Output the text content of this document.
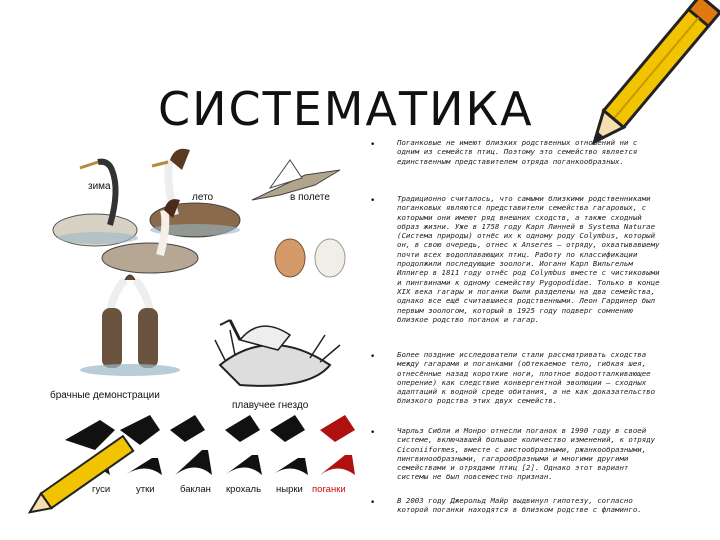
СИСТЕМАТИКА
зима
лето	в полете
брачные демонстрации
плавучее гнездо
гуси	утки	баклан крохаль нырки поганки
•	Поганковые не имеют близких родственных отношений ни с одним из семейств птиц. Поэтому это семейство является единственным представителем отряда поганкообразных.
•	Традиционно считалось, что самыми близкими родственниками поганковых являются представители семейства гагаровых, с которыми они имеют ряд внешних сходств, а также сходный образ жизни. Уже в 1758 году Карл Линней в Systema Naturae (Система природы) отнёс их к одному роду Colymbus, который он, в свою очередь, отнес к Anseres — отряду, охватывавшему почти всех водоплавающих птиц. Работу по классификации продолжили последующие зоологи. Иоганн Карл Вильгельм Иллигер в 1811 году отнёс род Colymbus вместе с чистиковыми и пингвинами к одному семейству Pygopodidae. Только в конце XIX века гагары и поганки были разделены на два семейства, однако все ещё считавшиеся родственными. Леон Гардинер был первым зоологом, который в 1925 году подверг сомнению близкое родство поганок и гагар.
•	Более поздние исследователи стали рассматривать сходства между гагарами и поганками (обтекаемое тело, гибкая шея, отнесённые назад короткие ноги, плотное водоотталкивающее оперение) как следствие конвергентной эволюции — сходных адаптаций к водной среде обитания, а не как доказательство близкого родства этих двух семейств.
•	Чарльз Сибли и Монро отнесли поганок в 1990 году в своей системе, включавшей большое количество изменений, к отряду Ciconiiformes, вместе с аистообразными, ржанкообразными, пингвинообразными, гагарообразными и многими другими семействами и отрядами птиц [2]. Однако этот вариант системы не был повсеместно признан.
•	В 2003 году Джерольд Майр выдвинул гипотезу, согласно которой поганки находятся в близком родстве с фламинго.
